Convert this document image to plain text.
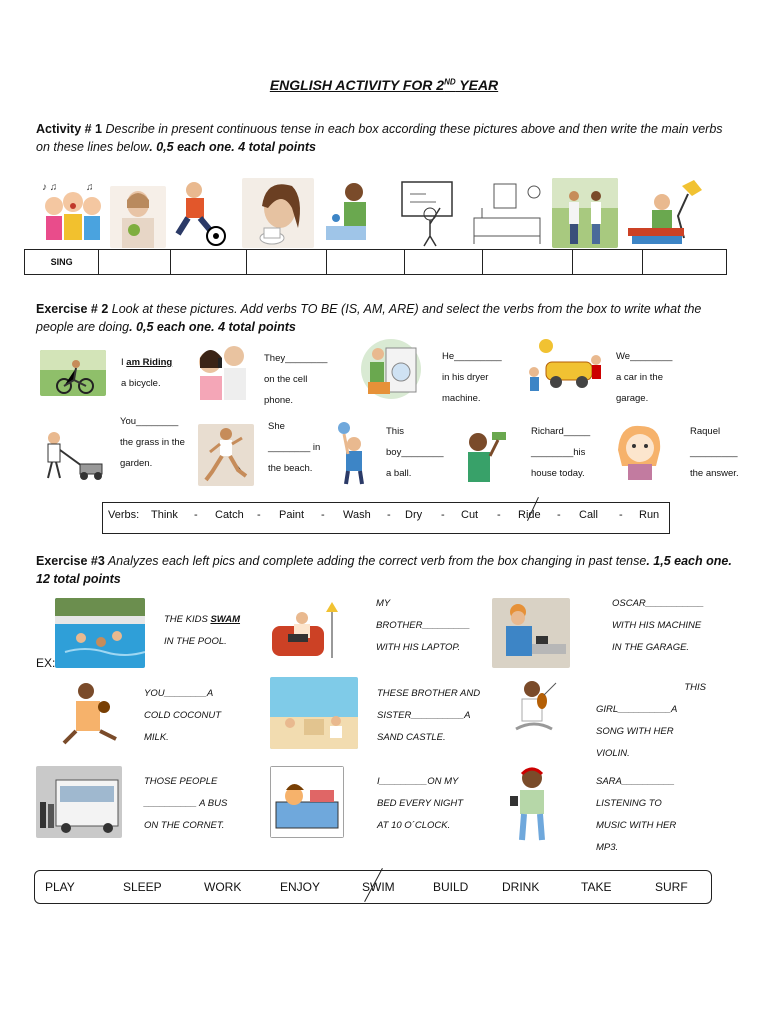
ENGLISH ACTIVITY FOR 2ND YEAR
Activity # 1 Describe in present continuous tense in each box according these pictures above and then write the main verbs on these lines below. 0,5 each one. 4 total points
♪ ♫	♫
SING								
Exercise # 2 Look at these pictures. Add verbs TO BE (IS, AM, ARE) and select the verbs from the box to write what the people are doing. 0,5 each one. 4 total points
I am Riding
a bicycle.
They________
on the cell
phone.
He_________
in his dryer
machine.
We________
a car in the
garage.
You________
the grass in the
garden.
She
________ in
the beach.
This
boy________
a ball.
Richard_____
________his
house today.
Raquel
_________
the answer.
Verbs: Think - Catch - Paint - Wash - Dry - Cut - Ride - Call - Run
Exercise #3 Analyzes each left pics and complete adding the correct verb from the box changing in past tense. 1,5 each one. 12 total points
THE KIDS SWAM
IN THE POOL.
EX:
MY
BROTHER_________
WITH HIS LAPTOP.
OSCAR___________
WITH HIS MACHINE
IN THE GARAGE.
YOU________A
COLD COCONUT
MILK.
THESE BROTHER AND
SISTER__________A
SAND CASTLE.
THIS
GIRL__________A
SONG WITH HER
VIOLIN.
THOSE PEOPLE
__________ A BUS
ON THE CORNET.
I_________ON MY
BED EVERY NIGHT
AT 10 O´CLOCK.
SARA__________
LISTENING TO
MUSIC WITH HER
MP3.
PLAY	SLEEP	WORK	ENJOY	SWIM	BUILD	DRINK	TAKE	SURF
